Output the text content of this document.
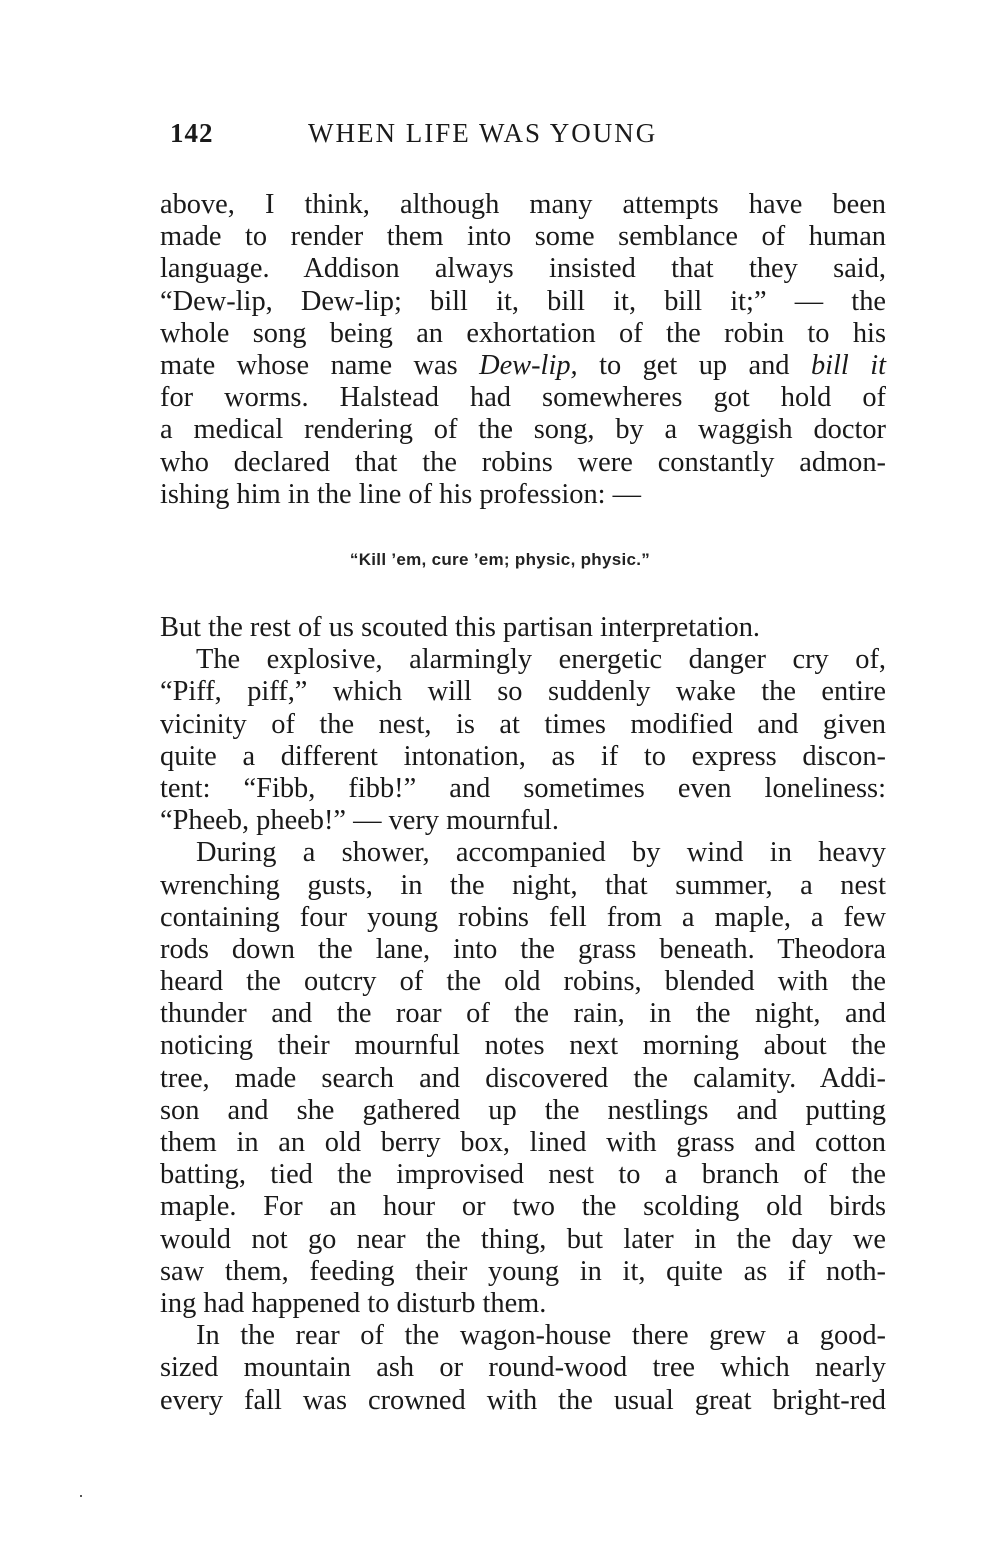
142	WHEN LIFE WAS YOUNG
above, I think, although many attempts have been
made to render them into some semblance of human
language. Addison always insisted that they said,
“Dew-lip, Dew-lip; bill it, bill it, bill it;” — the
whole song being an exhortation of the robin to his
mate whose name was Dew-lip, to get up and bill it
for worms. Halstead had somewheres got hold of
a medical rendering of the song, by a waggish doctor
who declared that the robins were constantly admon-
ishing him in the line of his profession: —
“Kill ’em, cure ’em; physic, physic.”
But the rest of us scouted this partisan interpretation.
The explosive, alarmingly energetic danger cry of,
“Piff, piff,” which will so suddenly wake the entire
vicinity of the nest, is at times modified and given
quite a different intonation, as if to express discon-
tent: “Fibb, fibb!” and sometimes even loneliness:
“Pheeb, pheeb!” — very mournful.
During a shower, accompanied by wind in heavy
wrenching gusts, in the night, that summer, a nest
containing four young robins fell from a maple, a few
rods down the lane, into the grass beneath. Theodora
heard the outcry of the old robins, blended with the
thunder and the roar of the rain, in the night, and
noticing their mournful notes next morning about the
tree, made search and discovered the calamity. Addi-
son and she gathered up the nestlings and putting
them in an old berry box, lined with grass and cotton
batting, tied the improvised nest to a branch of the
maple. For an hour or two the scolding old birds
would not go near the thing, but later in the day we
saw them, feeding their young in it, quite as if noth-
ing had happened to disturb them.
In the rear of the wagon-house there grew a good-
sized mountain ash or round-wood tree which nearly
every fall was crowned with the usual great bright-red
